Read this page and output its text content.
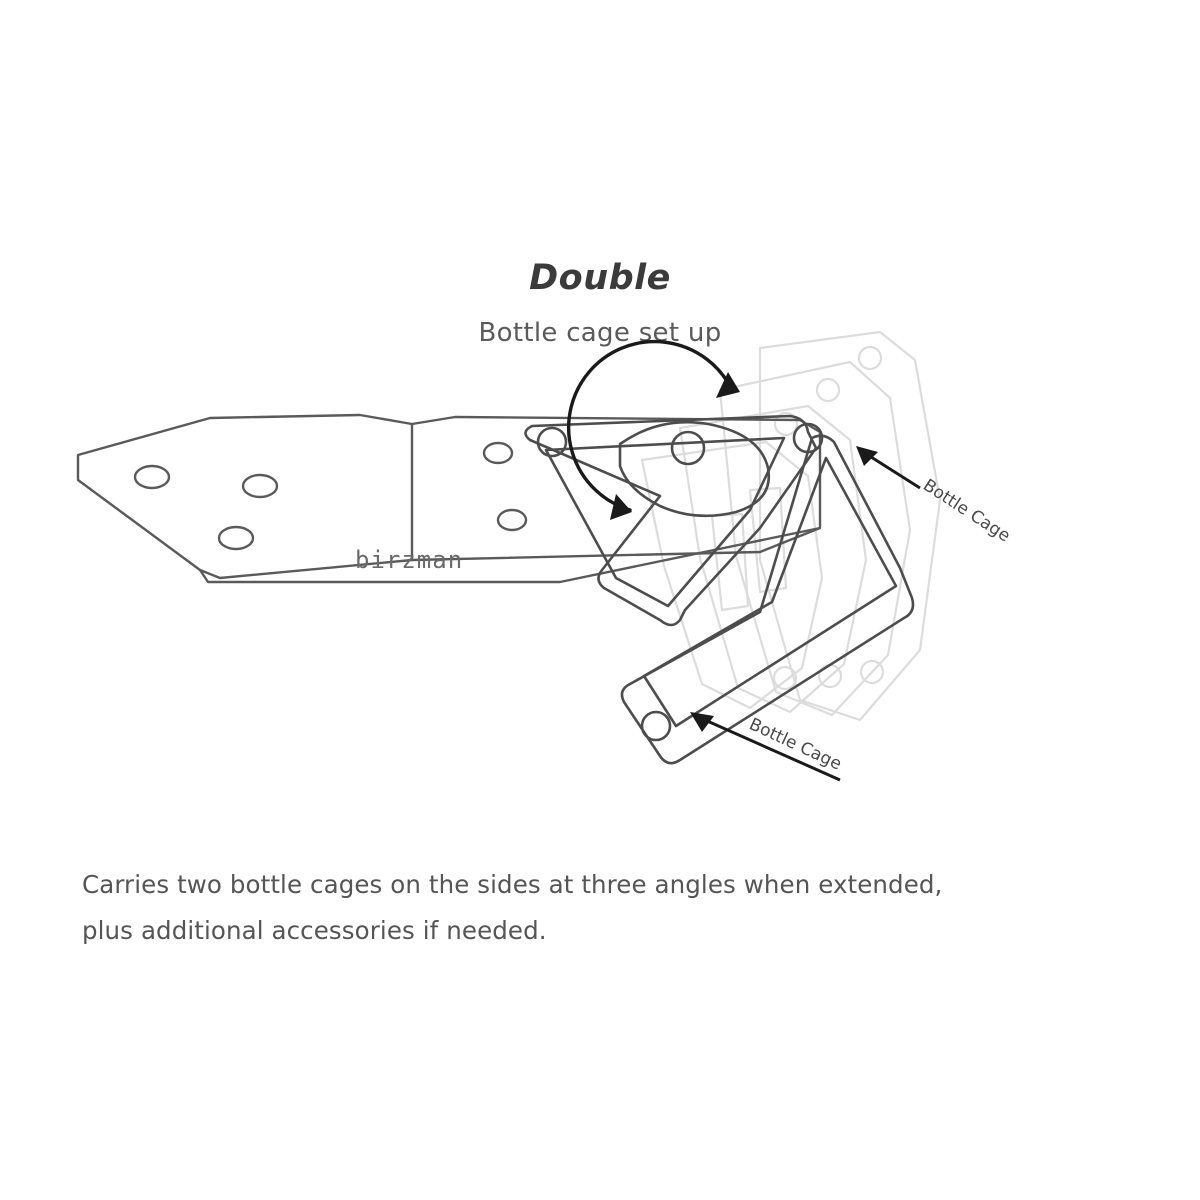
Double
Bottle cage set up
birzman
Bottle Cage
Bottle Cage
Carries two bottle cages on the sides at three angles when extended,
plus additional accessories if needed.
